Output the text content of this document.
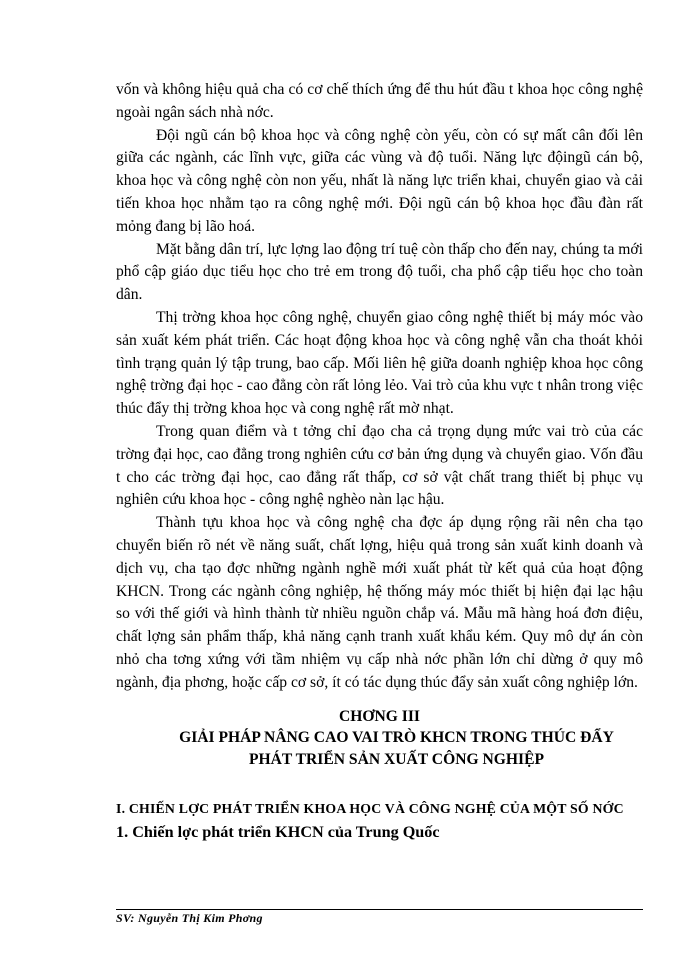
vốn và không hiệu quả cha có cơ chế thích ứng để thu hút đầu t khoa học công nghệ ngoài ngân sách nhà nớc.

Đội ngũ cán bộ khoa học và công nghệ còn yếu, còn có sự mất cân đối lên giữa các ngành, các lĩnh vực, giữa các vùng và độ tuổi. Năng lực độingũ cán bộ, khoa học và công nghệ còn non yếu, nhất là năng lực triển khai, chuyển giao và cải tiến khoa học nhằm tạo ra công nghệ mới. Đội ngũ cán bộ khoa học đầu đàn rất mỏng đang bị lão hoá.

Mặt bằng dân trí, lực lợng lao động trí tuệ còn thấp cho đến nay, chúng ta mới phổ cập giáo dục tiểu học cho trẻ em trong độ tuổi, cha phổ cập tiểu học cho toàn dân.

Thị trờng khoa học công nghệ, chuyển giao công nghệ thiết bị máy móc vào sản xuất kém phát triển. Các hoạt động khoa học và công nghệ vẫn cha thoát khỏi tình trạng quản lý tập trung, bao cấp. Mối liên hệ giữa doanh nghiệp khoa học công nghệ trờng đại học - cao đẳng còn rất lỏng lẻo. Vai trò của khu vực t nhân trong việc thúc đẩy thị trờng khoa học và cong nghệ rất mờ nhạt.

Trong quan điểm và t tởng chỉ đạo cha cả trọng dụng mức vai trò của các trờng đại học, cao đẳng trong nghiên cứu cơ bản ứng dụng và chuyển giao. Vốn đầu t cho các trờng đại học, cao đẳng rất thấp, cơ sở vật chất trang thiết bị phục vụ nghiên cứu khoa học - công nghệ nghèo nàn lạc hậu.

Thành tựu khoa học và công nghệ cha đợc áp dụng rộng rãi nên cha tạo chuyển biến rõ nét về năng suất, chất lợng, hiệu quả trong sản xuất kinh doanh và dịch vụ, cha tạo đợc những ngành nghề mới xuất phát từ kết quả của hoạt động KHCN. Trong các ngành công nghiệp, hệ thống máy móc thiết bị hiện đại lạc hậu so với thế giới và hình thành từ nhiều nguồn chắp vá. Mẫu mã hàng hoá đơn điệu, chất lợng sản phẩm thấp, khả năng cạnh tranh xuất khẩu kém. Quy mô dự án còn nhỏ cha tơng xứng với tầm nhiệm vụ cấp nhà nớc phần lớn chỉ dừng ở quy mô ngành, địa phơng, hoặc cấp cơ sở, ít có tác dụng thúc đẩy sản xuất công nghiệp lớn.

CHƠNG III
GIẢI PHÁP NÂNG CAO VAI TRÒ KHCN TRONG THÚC ĐẨY
PHÁT TRIỂN SẢN XUẤT CÔNG NGHIỆP
I. CHIẾN LỢC PHÁT TRIỂN KHOA HỌC VÀ CÔNG NGHỆ CỦA MỘT SỐ NỚC
1. Chiến lợc phát triển KHCN của Trung Quốc
SV: Nguyễn Thị Kim Phơng
